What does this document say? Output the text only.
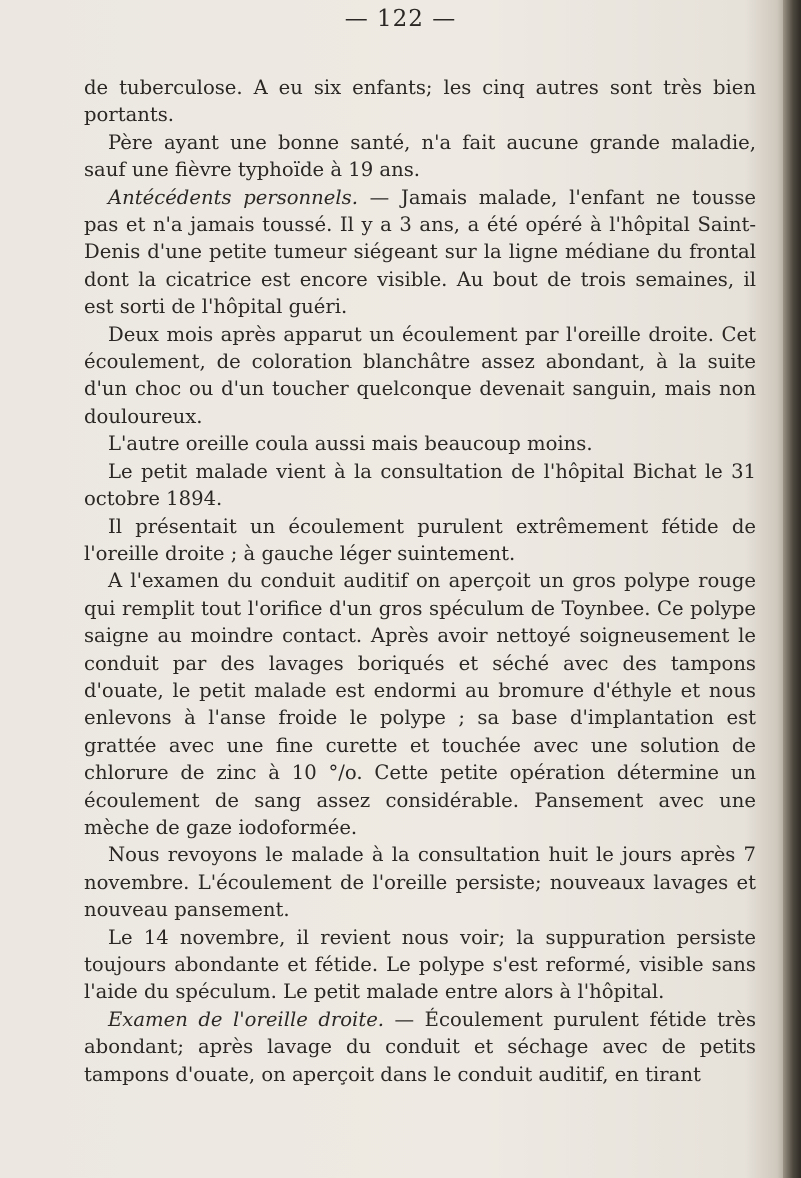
— 122 —

de tuberculose. A eu six enfants; les cinq autres sont très bien portants.

Père ayant une bonne santé, n'a fait aucune grande maladie, sauf une fièvre typhoïde à 19 ans.

Antécédents personnels. — Jamais malade, l'enfant ne tousse pas et n'a jamais toussé. Il y a 3 ans, a été opéré à l'hôpital Saint-Denis d'une petite tumeur siégeant sur la ligne médiane du frontal dont la cicatrice est encore visible. Au bout de trois semaines, il est sorti de l'hôpital guéri.

Deux mois après apparut un écoulement par l'oreille droite. Cet écoulement, de coloration blanchâtre assez abondant, à la suite d'un choc ou d'un toucher quelconque devenait sanguin, mais non douloureux.

L'autre oreille coula aussi mais beaucoup moins.

Le petit malade vient à la consultation de l'hôpital Bichat le 31 octobre 1894.

Il présentait un écoulement purulent extrêmement fétide de l'oreille droite ; à gauche léger suintement.

A l'examen du conduit auditif on aperçoit un gros polype rouge qui remplit tout l'orifice d'un gros spéculum de Toynbee. Ce polype saigne au moindre contact. Après avoir nettoyé soigneusement le conduit par des lavages boriqués et séché avec des tampons d'ouate, le petit malade est endormi au bromure d'éthyle et nous enlevons à l'anse froide le polype ; sa base d'implantation est grattée avec une fine curette et touchée avec une solution de chlorure de zinc à 10 °/o. Cette petite opération détermine un écoulement de sang assez considérable. Pansement avec une mèche de gaze iodoformée.

Nous revoyons le malade à la consultation huit le jours après 7 novembre. L'écoulement de l'oreille persiste; nouveaux lavages et nouveau pansement.

Le 14 novembre, il revient nous voir; la suppuration persiste toujours abondante et fétide. Le polype s'est reformé, visible sans l'aide du spéculum. Le petit malade entre alors à l'hôpital.

Examen de l'oreille droite. — Écoulement purulent fétide très abondant; après lavage du conduit et séchage avec de petits tampons d'ouate, on aperçoit dans le conduit auditif, en tirant
